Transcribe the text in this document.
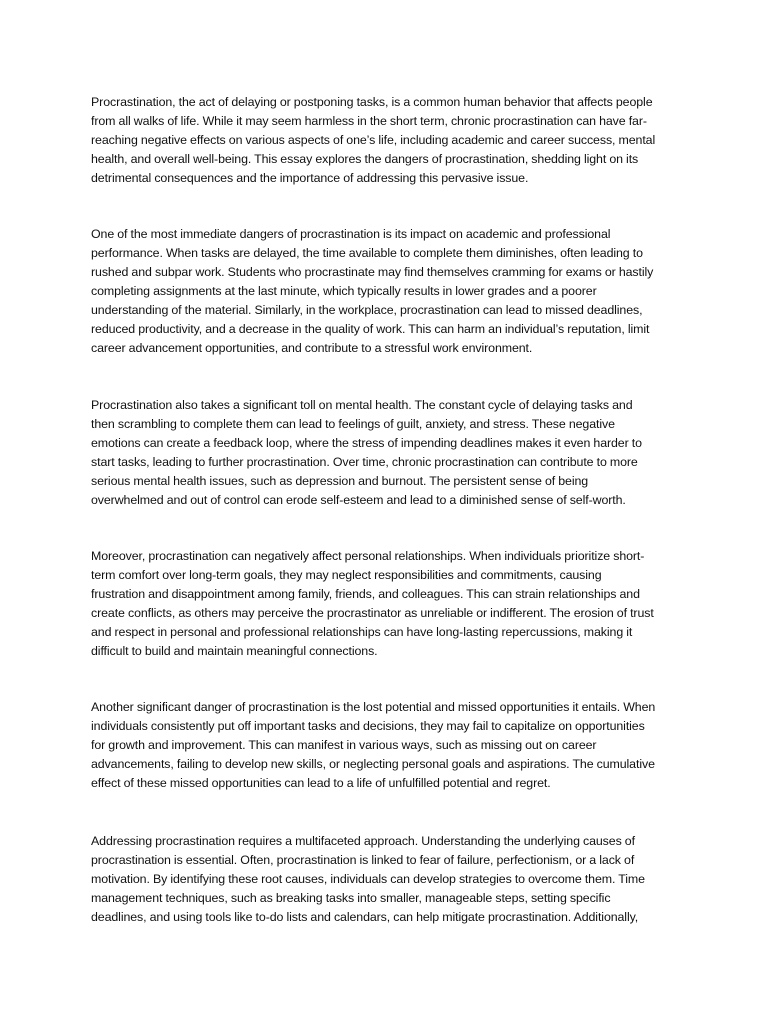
Procrastination, the act of delaying or postponing tasks, is a common human behavior that affects people from all walks of life. While it may seem harmless in the short term, chronic procrastination can have far-reaching negative effects on various aspects of one’s life, including academic and career success, mental health, and overall well-being. This essay explores the dangers of procrastination, shedding light on its detrimental consequences and the importance of addressing this pervasive issue.

One of the most immediate dangers of procrastination is its impact on academic and professional performance. When tasks are delayed, the time available to complete them diminishes, often leading to rushed and subpar work. Students who procrastinate may find themselves cramming for exams or hastily completing assignments at the last minute, which typically results in lower grades and a poorer understanding of the material. Similarly, in the workplace, procrastination can lead to missed deadlines, reduced productivity, and a decrease in the quality of work. This can harm an individual’s reputation, limit career advancement opportunities, and contribute to a stressful work environment.

Procrastination also takes a significant toll on mental health. The constant cycle of delaying tasks and then scrambling to complete them can lead to feelings of guilt, anxiety, and stress. These negative emotions can create a feedback loop, where the stress of impending deadlines makes it even harder to start tasks, leading to further procrastination. Over time, chronic procrastination can contribute to more serious mental health issues, such as depression and burnout. The persistent sense of being overwhelmed and out of control can erode self-esteem and lead to a diminished sense of self-worth.

Moreover, procrastination can negatively affect personal relationships. When individuals prioritize short-term comfort over long-term goals, they may neglect responsibilities and commitments, causing frustration and disappointment among family, friends, and colleagues. This can strain relationships and create conflicts, as others may perceive the procrastinator as unreliable or indifferent. The erosion of trust and respect in personal and professional relationships can have long-lasting repercussions, making it difficult to build and maintain meaningful connections.

Another significant danger of procrastination is the lost potential and missed opportunities it entails. When individuals consistently put off important tasks and decisions, they may fail to capitalize on opportunities for growth and improvement. This can manifest in various ways, such as missing out on career advancements, failing to develop new skills, or neglecting personal goals and aspirations. The cumulative effect of these missed opportunities can lead to a life of unfulfilled potential and regret.

Addressing procrastination requires a multifaceted approach. Understanding the underlying causes of procrastination is essential. Often, procrastination is linked to fear of failure, perfectionism, or a lack of motivation. By identifying these root causes, individuals can develop strategies to overcome them. Time management techniques, such as breaking tasks into smaller, manageable steps, setting specific deadlines, and using tools like to-do lists and calendars, can help mitigate procrastination. Additionally,
